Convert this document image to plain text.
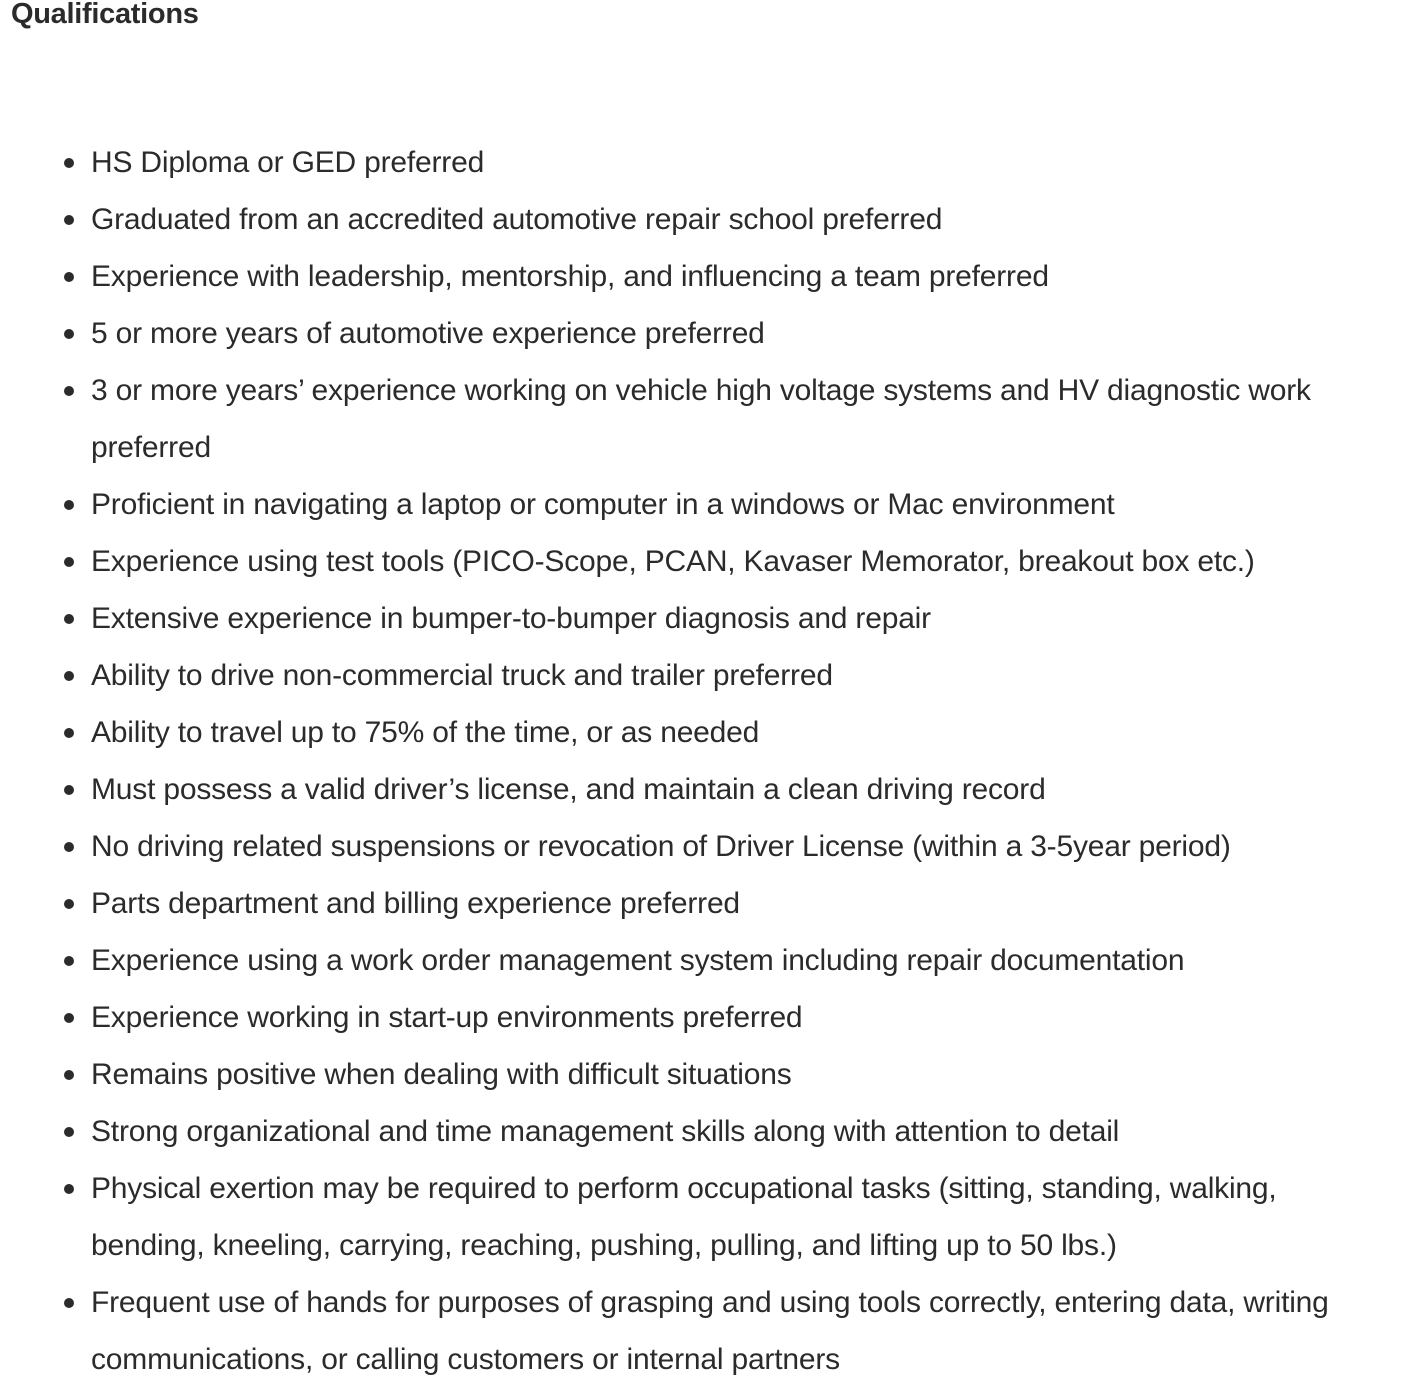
Qualifications
HS Diploma or GED preferred
Graduated from an accredited automotive repair school preferred
Experience with leadership, mentorship, and influencing a team preferred
5 or more years of automotive experience preferred
3 or more years’ experience working on vehicle high voltage systems and HV diagnostic work preferred
Proficient in navigating a laptop or computer in a windows or Mac environment
Experience using test tools (PICO-Scope, PCAN, Kavaser Memorator, breakout box etc.)
Extensive experience in bumper-to-bumper diagnosis and repair
Ability to drive non-commercial truck and trailer preferred
Ability to travel up to 75% of the time, or as needed
Must possess a valid driver’s license, and maintain a clean driving record
No driving related suspensions or revocation of Driver License (within a 3-5year period)
Parts department and billing experience preferred
Experience using a work order management system including repair documentation
Experience working in start-up environments preferred
Remains positive when dealing with difficult situations
Strong organizational and time management skills along with attention to detail
Physical exertion may be required to perform occupational tasks (sitting, standing, walking, bending, kneeling, carrying, reaching, pushing, pulling, and lifting up to 50 lbs.)
Frequent use of hands for purposes of grasping and using tools correctly, entering data, writing communications, or calling customers or internal partners
